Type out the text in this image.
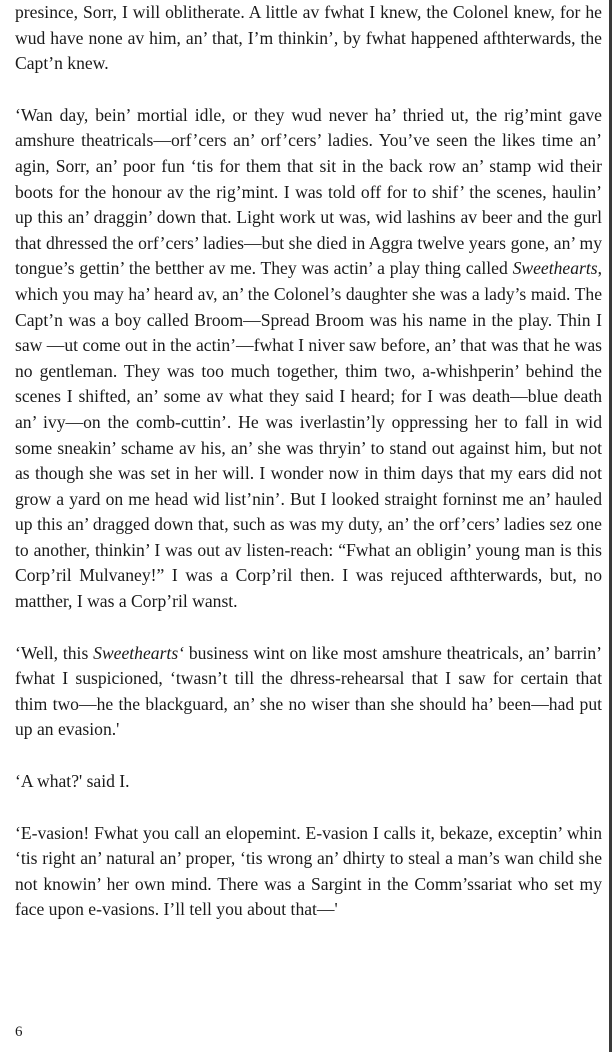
presince, Sorr, I will oblitherate. A little av fwhat I knew, the Colonel knew, for he wud have none av him, an’ that, I’m thinkin’, by fwhat happened afthterwards, the Capt’n knew.

‘Wan day, bein’ mortial idle, or they wud never ha’ thried ut, the rig’mint gave amshure theatricals—orf’cers an’ orf’cers’ ladies. You’ve seen the likes time an’ agin, Sorr, an’ poor fun ‘tis for them that sit in the back row an’ stamp wid their boots for the honour av the rig’mint. I was told off for to shif’ the scenes, haulin’ up this an’ draggin’ down that. Light work ut was, wid lashins av beer and the gurl that dhressed the orf’cers’ ladies—but she died in Aggra twelve years gone, an’ my tongue’s gettin’ the betther av me. They was actin’ a play thing called Sweethearts, which you may ha’ heard av, an’ the Colonel’s daughter she was a lady’s maid. The Capt’n was a boy called Broom—Spread Broom was his name in the play. Thin I saw —ut come out in the actin’—fwhat I niver saw before, an’ that was that he was no gentleman. They was too much together, thim two, a-whishperin’ behind the scenes I shifted, an’ some av what they said I heard; for I was death—blue death an’ ivy—on the comb-cuttin’. He was iverlastin’ly oppressing her to fall in wid some sneakin’ schame av his, an’ she was thryin’ to stand out against him, but not as though she was set in her will. I wonder now in thim days that my ears did not grow a yard on me head wid list’nin’. But I looked straight forninst me an’ hauled up this an’ dragged down that, such as was my duty, an’ the orf’cers’ ladies sez one to another, thinkin’ I was out av listen-reach: “Fwhat an obligin’ young man is this Corp’ril Mulvaney!” I was a Corp’ril then. I was rejuced afthterwards, but, no matther, I was a Corp’ril wanst.

‘Well, this Sweethearts‘ business wint on like most amshure theatricals, an’ barrin’ fwhat I suspicioned, ‘twasn’t till the dhress-rehearsal that I saw for certain that thim two—he the blackguard, an’ she no wiser than she should ha’ been—had put up an evasion.'

‘A what?' said I.

‘E-vasion! Fwhat you call an elopemint. E-vasion I calls it, bekaze, exceptin’ whin ‘tis right an’ natural an’ proper, ‘tis wrong an’ dhirty to steal a man’s wan child she not knowin’ her own mind. There was a Sargint in the Comm’ssariat who set my face upon e-vasions. I’ll tell you about that—'

6
